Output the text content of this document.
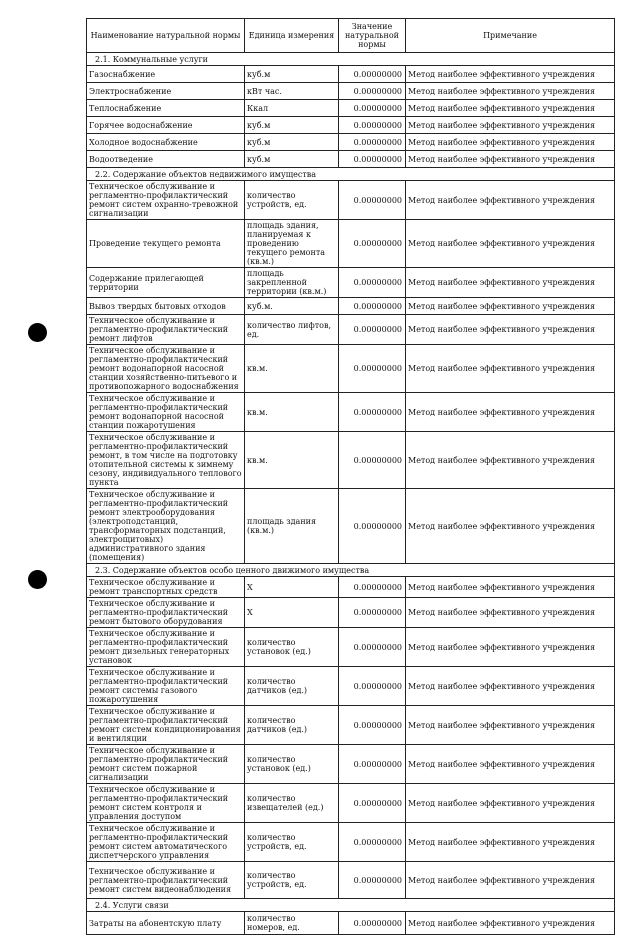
Наименование натуральной нормы	Единица измерения	Значение натуральной нормы	Примечание
2.1. Коммунальные услуги			
Газоснабжение	куб.м	0.00000000	Метод наиболее эффективного учреждения
Электроснабжение	кВт час.	0.00000000	Метод наиболее эффективного учреждения
Теплоснабжение	Ккал	0.00000000	Метод наиболее эффективного учреждения
Горячее водоснабжение	куб.м	0.00000000	Метод наиболее эффективного учреждения
Холодное водоснабжение	куб.м	0.00000000	Метод наиболее эффективного учреждения
Водоотведение	куб.м	0.00000000	Метод наиболее эффективного учреждения
2.2. Содержание объектов недвижимого имущества			
Техническое обслуживание и регламентно-профилактический ремонт систем охранно-тревожной сигнализации	количество устройств, ед.	0.00000000	Метод наиболее эффективного учреждения
Проведение текущего ремонта	площадь здания, планируемая к проведению текущего ремонта (кв.м.)	0.00000000	Метод наиболее эффективного учреждения
Содержание прилегающей территории	площадь закрепленной территории (кв.м.)	0.00000000	Метод наиболее эффективного учреждения
Вывоз твердых бытовых отходов	куб.м.	0.00000000	Метод наиболее эффективного учреждения
Техническое обслуживание и регламентно-профилактический ремонт лифтов	количество лифтов, ед.	0.00000000	Метод наиболее эффективного учреждения
Техническое обслуживание и регламентно-профилактический ремонт водонапорной насосной станции хозяйственно-питьевого и противопожарного водоснабжения	кв.м.	0.00000000	Метод наиболее эффективного учреждения
Техническое обслуживание и регламентно-профилактический ремонт водонапорной насосной станции пожаротушения	кв.м.	0.00000000	Метод наиболее эффективного учреждения
Техническое обслуживание и регламентно-профилактический ремонт, в том числе на подготовку отопительной системы к зимнему сезону, индивидуального теплового пункта	кв.м.	0.00000000	Метод наиболее эффективного учреждения
Техническое обслуживание и регламентно-профилактический ремонт электрооборудования (электроподстанций, трансформаторных подстанций, электрощитовых) административного здания (помещения)	площадь здания (кв.м.)	0.00000000	Метод наиболее эффективного учреждения
2.3. Содержание объектов особо ценного движимого имущества			
Техническое обслуживание и ремонт транспортных средств	X	0.00000000	Метод наиболее эффективного учреждения
Техническое обслуживание и регламентно-профилактический ремонт бытового оборудования	X	0.00000000	Метод наиболее эффективного учреждения
Техническое обслуживание и регламентно-профилактический ремонт дизельных генераторных установок	количество установок (ед.)	0.00000000	Метод наиболее эффективного учреждения
Техническое обслуживание и регламентно-профилактический ремонт системы газового пожаротушения	количество датчиков (ед.)	0.00000000	Метод наиболее эффективного учреждения
Техническое обслуживание и регламентно-профилактический ремонт систем кондиционирования и вентиляции	количество датчиков (ед.)	0.00000000	Метод наиболее эффективного учреждения
Техническое обслуживание и регламентно-профилактический ремонт систем пожарной сигнализации	количество установок (ед.)	0.00000000	Метод наиболее эффективного учреждения
Техническое обслуживание и регламентно-профилактический ремонт систем контроля и управления доступом	количество извещателей (ед.)	0.00000000	Метод наиболее эффективного учреждения
Техническое обслуживание и регламентно-профилактический ремонт систем автоматического диспетчерского управления	количество устройств, ед.	0.00000000	Метод наиболее эффективного учреждения
Техническое обслуживание и регламентно-профилактический ремонт систем видеонаблюдения	количество устройств, ед.	0.00000000	Метод наиболее эффективного учреждения
2.4. Услуги связи			
Затраты на абонентскую плату	количество номеров, ед.	0.00000000	Метод наиболее эффективного учреждения
